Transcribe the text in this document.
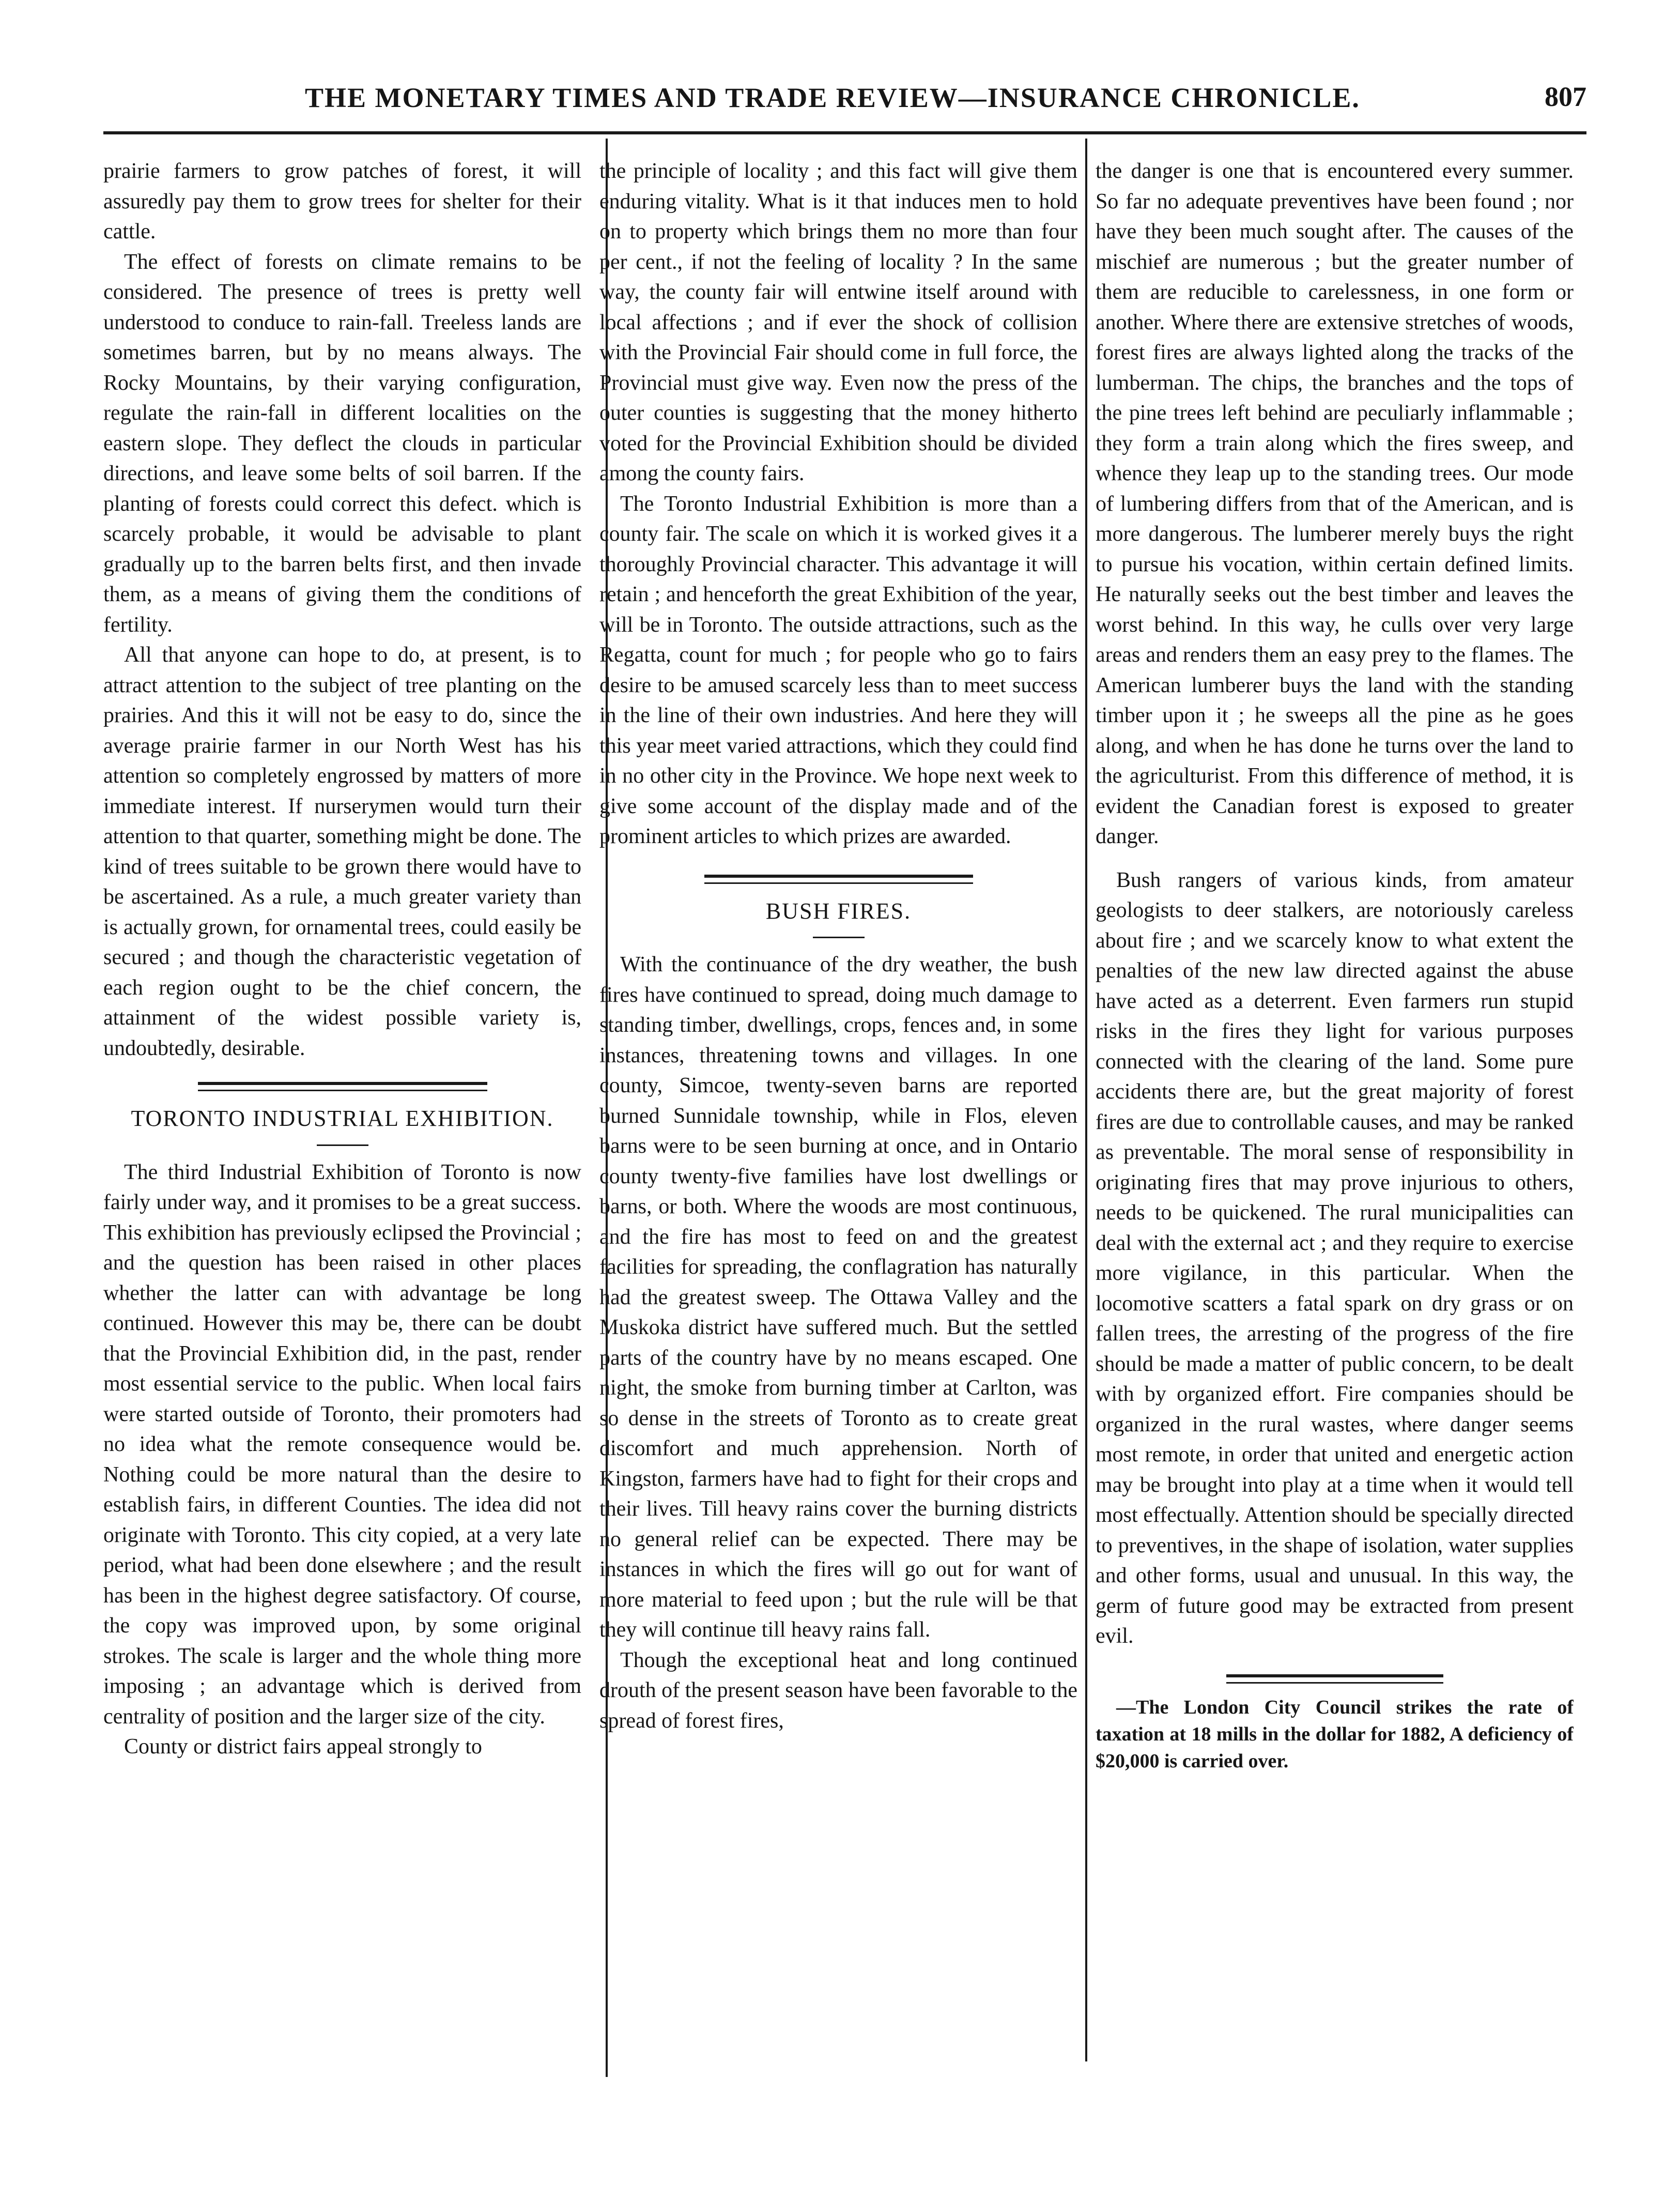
THE MONETARY TIMES AND TRADE REVIEW—INSURANCE CHRONICLE.	807

prairie farmers to grow patches of forest, it will assuredly pay them to grow trees for shelter for their cattle.

The effect of forests on climate remains to be considered. The presence of trees is pretty well understood to conduce to rain-fall. Treeless lands are sometimes barren, but by no means always. The Rocky Mountains, by their varying configuration, regulate the rain-fall in different localities on the eastern slope. They deflect the clouds in particular directions, and leave some belts of soil barren. If the planting of forests could correct this defect. which is scarcely probable, it would be advisable to plant gradually up to the barren belts first, and then invade them, as a means of giving them the conditions of fertility.

All that anyone can hope to do, at present, is to attract attention to the subject of tree planting on the prairies. And this it will not be easy to do, since the average prairie farmer in our North West has his attention so completely engrossed by matters of more immediate interest. If nurserymen would turn their attention to that quarter, something might be done. The kind of trees suitable to be grown there would have to be ascertained. As a rule, a much greater variety than is actually grown, for ornamental trees, could easily be secured ; and though the characteristic vegetation of each region ought to be the chief concern, the attainment of the widest possible variety is, undoubtedly, desirable.

TORONTO INDUSTRIAL EXHIBITION.

The third Industrial Exhibition of Toronto is now fairly under way, and it promises to be a great success. This exhibition has previously eclipsed the Provincial ; and the question has been raised in other places whether the latter can with advantage be long continued. However this may be, there can be doubt that the Provincial Exhibition did, in the past, render most essential service to the public. When local fairs were started outside of Toronto, their promoters had no idea what the remote consequence would be. Nothing could be more natural than the desire to establish fairs, in different Counties. The idea did not originate with Toronto. This city copied, at a very late period, what had been done elsewhere ; and the result has been in the highest degree satisfactory. Of course, the copy was improved upon, by some original strokes. The scale is larger and the whole thing more imposing ; an advantage which is derived from centrality of position and the larger size of the city.

County or district fairs appeal strongly to

the principle of locality ; and this fact will give them enduring vitality. What is it that induces men to hold on to property which brings them no more than four per cent., if not the feeling of locality ? In the same way, the county fair will entwine itself around with local affections ; and if ever the shock of collision with the Provincial Fair should come in full force, the Provincial must give way. Even now the press of the outer counties is suggesting that the money hitherto voted for the Provincial Exhibition should be divided among the county fairs.

The Toronto Industrial Exhibition is more than a county fair. The scale on which it is worked gives it a thoroughly Provincial character. This advantage it will retain ; and henceforth the great Exhibition of the year, will be in Toronto. The outside attractions, such as the Regatta, count for much ; for people who go to fairs desire to be amused scarcely less than to meet success in the line of their own industries. And here they will this year meet varied attractions, which they could find in no other city in the Province. We hope next week to give some account of the display made and of the prominent articles to which prizes are awarded.

BUSH FIRES.

With the continuance of the dry weather, the bush fires have continued to spread, doing much damage to standing timber, dwellings, crops, fences and, in some instances, threatening towns and villages. In one county, Simcoe, twenty-seven barns are reported burned Sunnidale township, while in Flos, eleven barns were to be seen burning at once, and in Ontario county twenty-five families have lost dwellings or barns, or both. Where the woods are most continuous, and the fire has most to feed on and the greatest facilities for spreading, the conflagration has naturally had the greatest sweep. The Ottawa Valley and the Muskoka district have suffered much. But the settled parts of the country have by no means escaped. One night, the smoke from burning timber at Carlton, was so dense in the streets of Toronto as to create great discomfort and much apprehension. North of Kingston, farmers have had to fight for their crops and their lives. Till heavy rains cover the burning districts no general relief can be expected. There may be instances in which the fires will go out for want of more material to feed upon ; but the rule will be that they will continue till heavy rains fall.

Though the exceptional heat and long continued drouth of the present season have been favorable to the spread of forest fires,

the danger is one that is encountered every summer. So far no adequate preventives have been found ; nor have they been much sought after. The causes of the mischief are numerous ; but the greater number of them are reducible to carelessness, in one form or another. Where there are extensive stretches of woods, forest fires are always lighted along the tracks of the lumberman. The chips, the branches and the tops of the pine trees left behind are peculiarly inflammable ; they form a train along which the fires sweep, and whence they leap up to the standing trees. Our mode of lumbering differs from that of the American, and is more dangerous. The lumberer merely buys the right to pursue his vocation, within certain defined limits. He naturally seeks out the best timber and leaves the worst behind. In this way, he culls over very large areas and renders them an easy prey to the flames. The American lumberer buys the land with the standing timber upon it ; he sweeps all the pine as he goes along, and when he has done he turns over the land to the agriculturist. From this difference of method, it is evident the Canadian forest is exposed to greater danger.

Bush rangers of various kinds, from amateur geologists to deer stalkers, are notoriously careless about fire ; and we scarcely know to what extent the penalties of the new law directed against the abuse have acted as a deterrent. Even farmers run stupid risks in the fires they light for various purposes connected with the clearing of the land. Some pure accidents there are, but the great majority of forest fires are due to controllable causes, and may be ranked as preventable. The moral sense of responsibility in originating fires that may prove injurious to others, needs to be quickened. The rural municipalities can deal with the external act ; and they require to exercise more vigilance, in this particular. When the locomotive scatters a fatal spark on dry grass or on fallen trees, the arresting of the progress of the fire should be made a matter of public concern, to be dealt with by organized effort. Fire companies should be organized in the rural wastes, where danger seems most remote, in order that united and energetic action may be brought into play at a time when it would tell most effectually. Attention should be specially directed to preventives, in the shape of isolation, water supplies and other forms, usual and unusual. In this way, the germ of future good may be extracted from present evil.

—The London City Council strikes the rate of taxation at 18 mills in the dollar for 1882, A deficiency of $20,000 is carried over.
